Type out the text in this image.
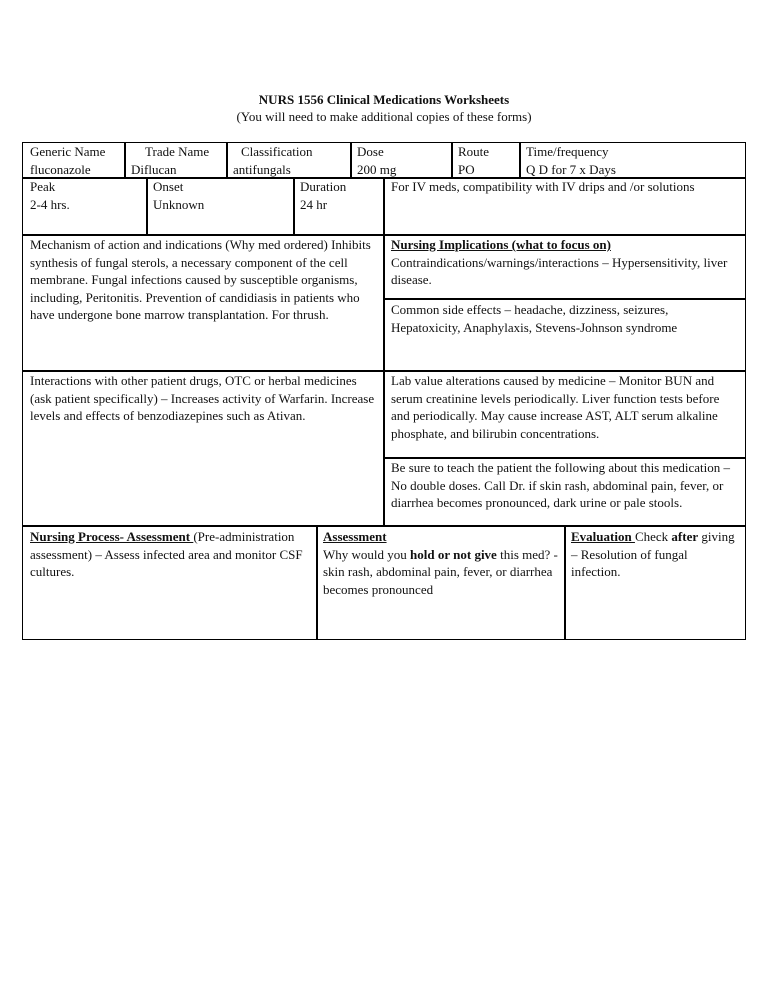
NURS 1556 Clinical Medications Worksheets
(You will need to make additional copies of these forms)
Generic Name
fluconazole
Trade Name
Diflucan
Classification
antifungals
Dose
200 mg
Route
PO
Time/frequency
Q D for 7 x Days
Peak
2-4 hrs.
Onset
Unknown
Duration
24 hr
For IV meds, compatibility with IV drips and /or solutions
Mechanism of action and indications (Why med ordered) Inhibits synthesis of fungal sterols, a necessary component of the cell membrane. Fungal infections caused by susceptible organisms, including, Peritonitis. Prevention of candidiasis in patients who have undergone bone marrow transplantation. For thrush.
Nursing Implications (what to focus on)
Contraindications/warnings/interactions – Hypersensitivity, liver disease.
Common side effects – headache, dizziness, seizures, Hepatoxicity, Anaphylaxis, Stevens-Johnson syndrome
Interactions with other patient drugs, OTC or herbal medicines (ask patient specifically) – Increases activity of Warfarin. Increase levels and effects of benzodiazepines such as Ativan.
Lab value alterations caused by medicine – Monitor BUN and serum creatinine levels periodically. Liver function tests before and periodically. May cause increase AST, ALT serum alkaline phosphate, and bilirubin concentrations.
Be sure to teach the patient the following about this medication – No double doses. Call Dr. if skin rash, abdominal pain, fever, or diarrhea becomes pronounced, dark urine or pale stools.
Nursing Process- Assessment (Pre-administration assessment) – Assess infected area and monitor CSF cultures.
Assessment
Why would you hold or not give this med? - skin rash, abdominal pain, fever, or diarrhea becomes pronounced
Evaluation Check after giving – Resolution of fungal infection.
